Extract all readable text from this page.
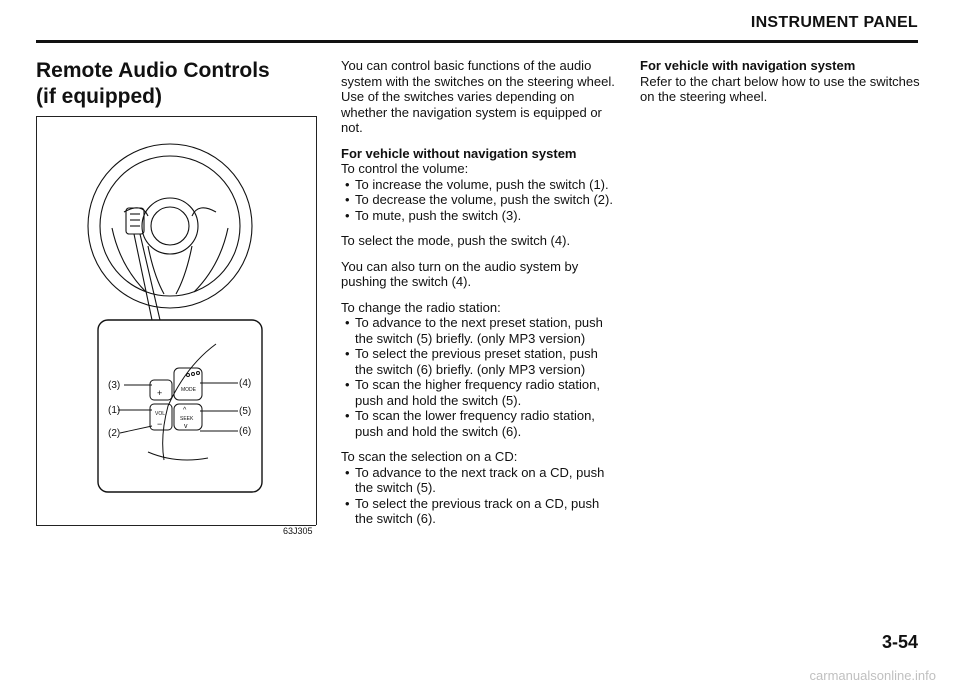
INSTRUMENT PANEL
Remote Audio Controls
(if equipped)
MODE
+
VOL
−
^
SEEK
v
(3)
(1)
(2)
(4)
(5)
(6)
63J305

You can control basic functions of the audio system with the switches on the steering wheel. Use of the switches varies depending on whether the navigation system is equipped or not.

For vehicle without navigation system

To control the volume:

• To increase the volume, push the switch (1).
• To decrease the volume, push the switch (2).
• To mute, push the switch (3).

To select the mode, push the switch (4).

You can also turn on the audio system by pushing the switch (4).

To change the radio station:

• To advance to the next preset station, push the switch (5) briefly. (only MP3 version)
• To select the previous preset station, push the switch (6) briefly. (only MP3 version)
• To scan the higher frequency radio station, push and hold the switch (5).
• To scan the lower frequency radio station, push and hold the switch (6).

To scan the selection on a CD:

• To advance to the next track on a CD, push the switch (5).
• To select the previous track on a CD, push the switch (6).

For vehicle with navigation system

Refer to the chart below how to use the switches on the steering wheel.

3-54
carmanualsonline.info
